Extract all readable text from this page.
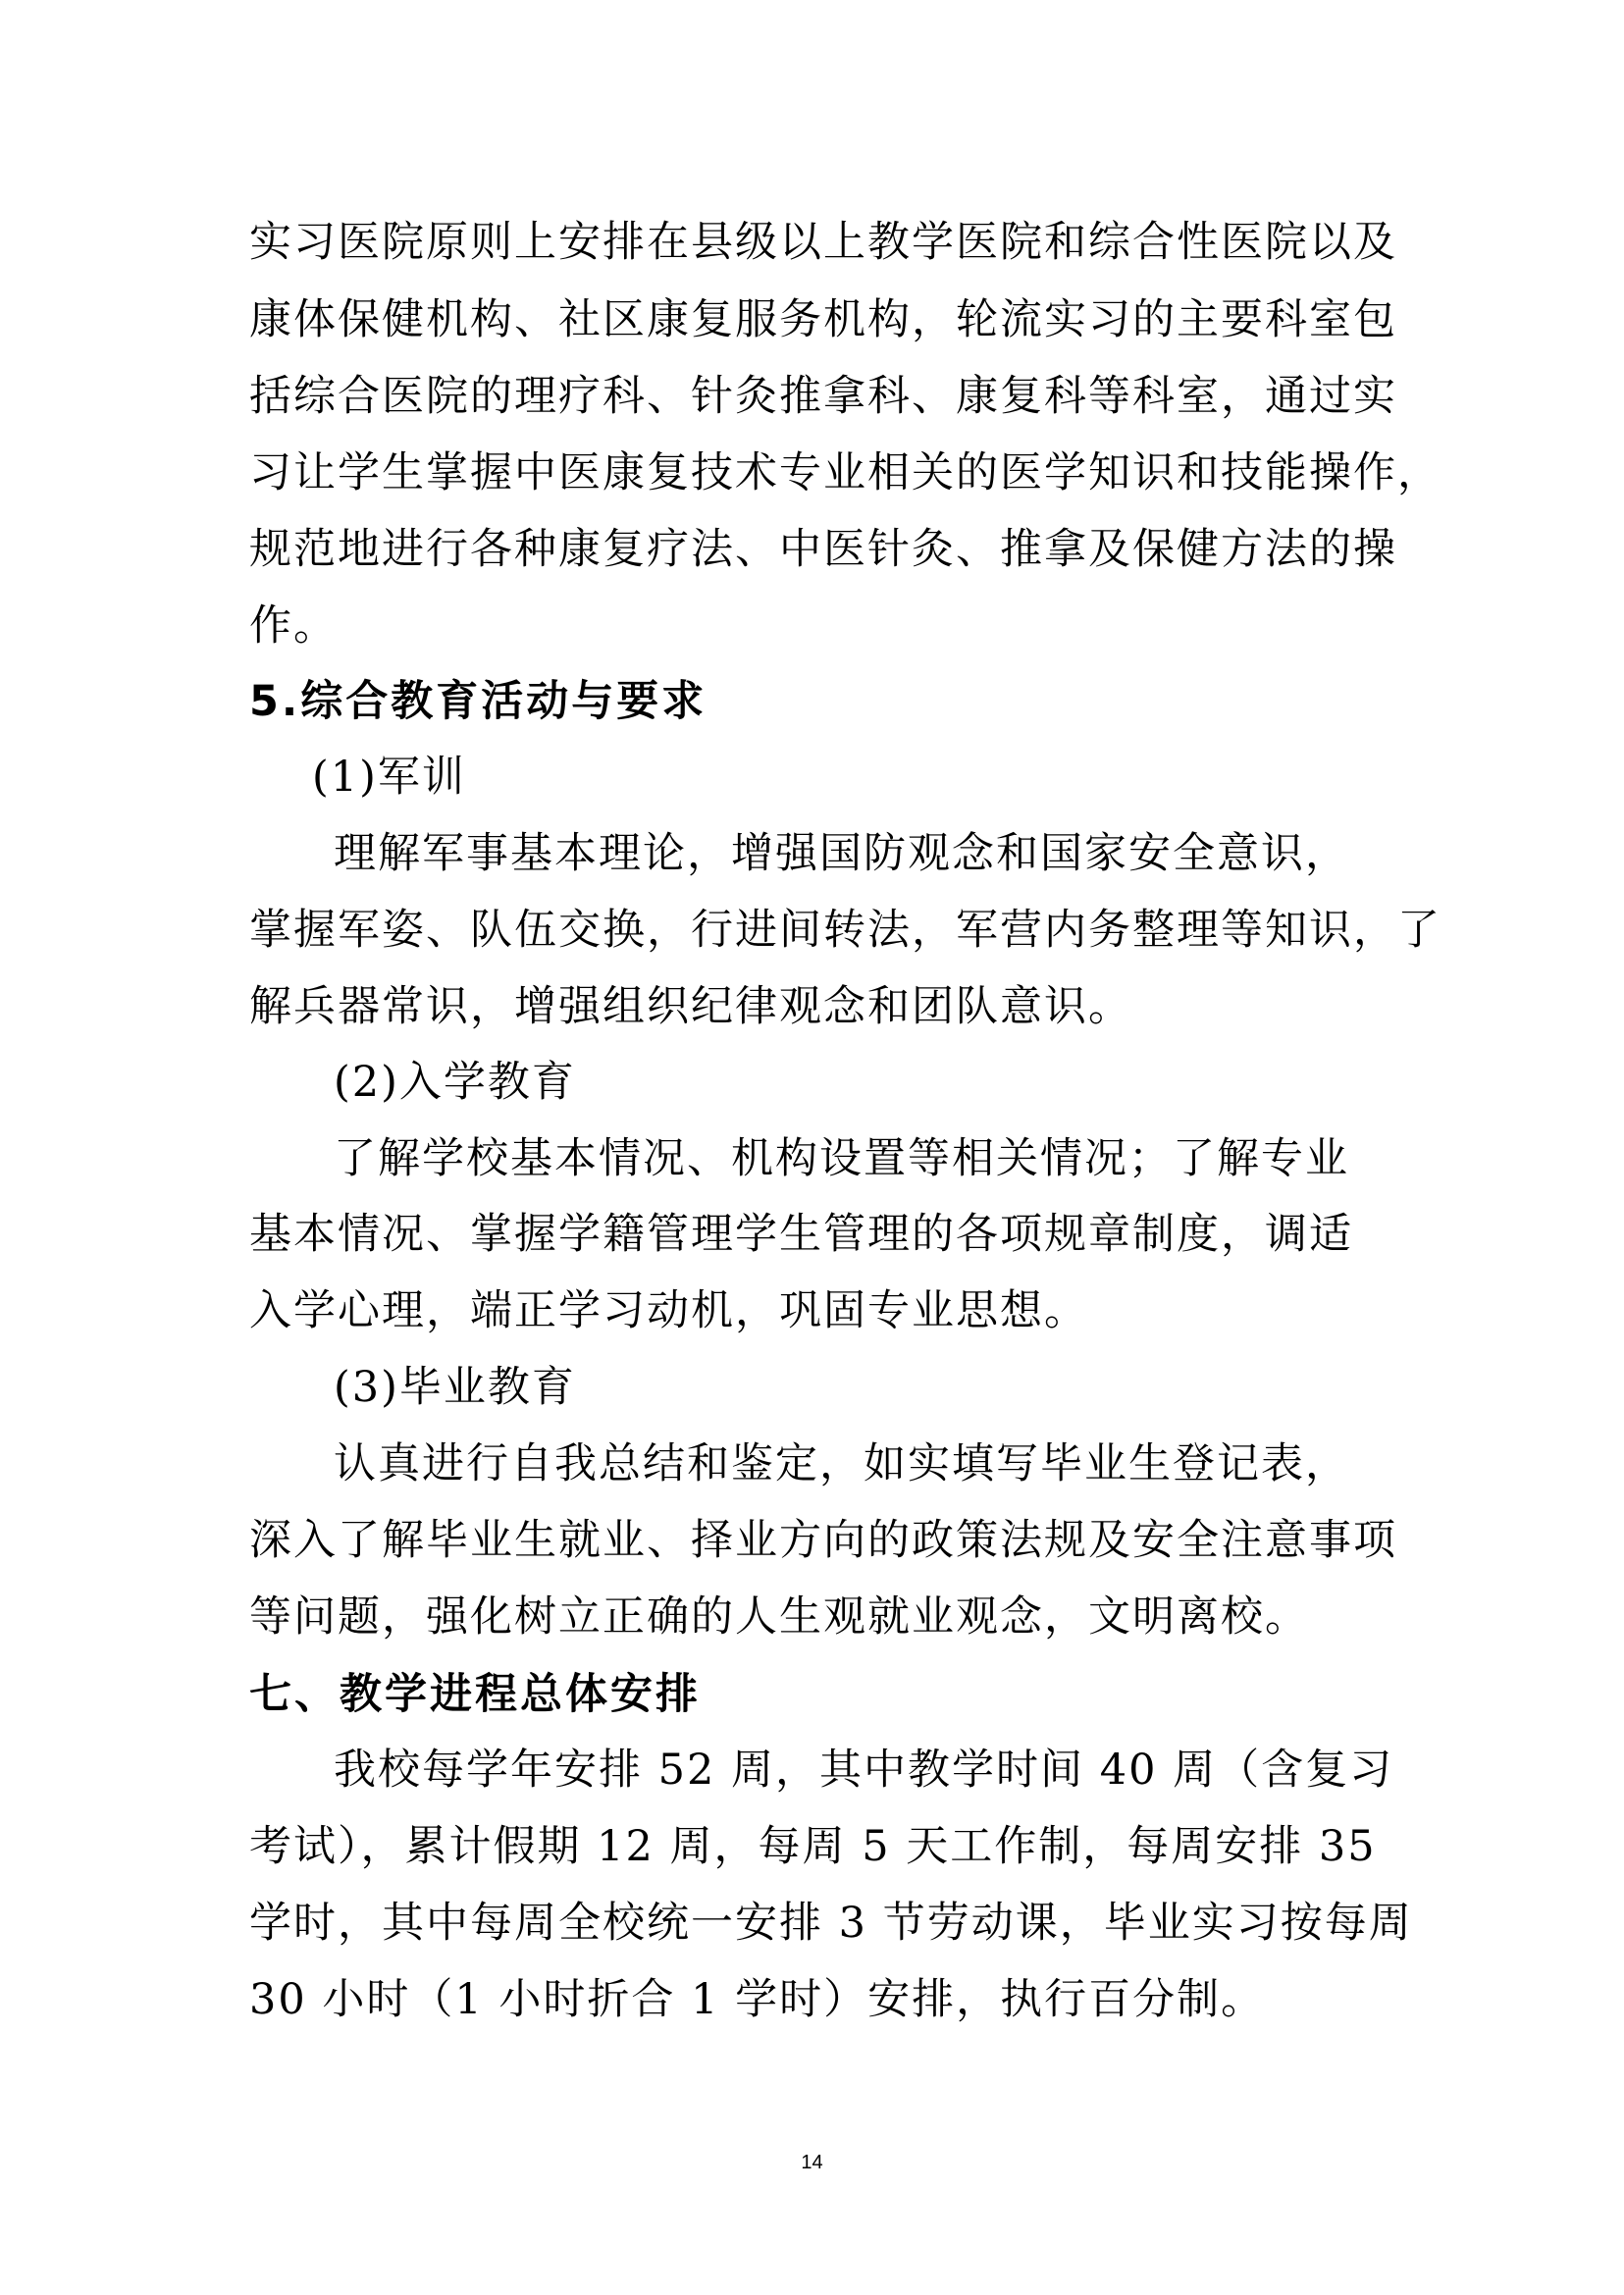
实习医院原则上安排在县级以上教学医院和综合性医院以及
康体保健机构、社区康复服务机构，轮流实习的主要科室包
括综合医院的理疗科、针灸推拿科、康复科等科室，通过实
习让学生掌握中医康复技术专业相关的医学知识和技能操作，
规范地进行各种康复疗法、中医针灸、推拿及保健方法的操
作。
5.综合教育活动与要求
(1)军训
理解军事基本理论，增强国防观念和国家安全意识，
掌握军姿、队伍交换，行进间转法，军营内务整理等知识，了
解兵器常识，增强组织纪律观念和团队意识。
(2)入学教育
了解学校基本情况、机构设置等相关情况；了解专业
基本情况、掌握学籍管理学生管理的各项规章制度，调适
入学心理，端正学习动机，巩固专业思想。
(3)毕业教育
认真进行自我总结和鉴定，如实填写毕业生登记表，
深入了解毕业生就业、择业方向的政策法规及安全注意事项
等问题，强化树立正确的人生观就业观念，文明离校。
七、教学进程总体安排
我校每学年安排 52 周，其中教学时间 40 周（含复习
考试），累计假期 12 周，每周 5 天工作制，每周安排 35
学时，其中每周全校统一安排 3 节劳动课，毕业实习按每周
30 小时（1 小时折合 1 学时）安排，执行百分制。
14
